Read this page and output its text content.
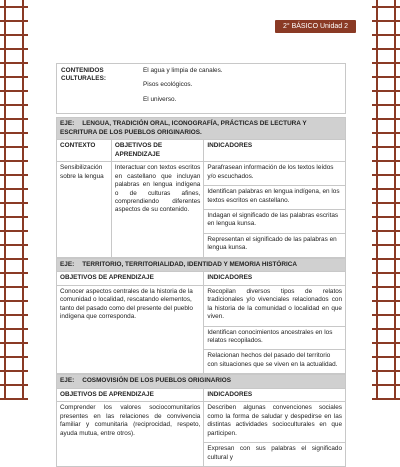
2° BÁSICO Unidad 2
CONTENIDOS CULTURALES:
El agua y limpia de canales.
Pisos ecológicos.
El universo.
EJE: LENGUA, TRADICIÓN ORAL, ICONOGRAFÍA, PRÁCTICAS DE LECTURA Y ESCRITURA DE LOS PUEBLOS ORIGINARIOS.		
CONTEXTO	OBJETIVOS DE APRENDIZAJE	INDICADORES
Sensibilización sobre la lengua	Interactuar con textos escritos en castellano que incluyan palabras en lengua indígena o de culturas afines, comprendiendo diferentes aspectos de su contenido.	Parafrasean información de los textos leídos y/o escuchados.
		Identifican palabras en lengua indígena, en los textos escritos en castellano.
		Indagan el significado de las palabras escritas en lengua kunsa.
		Representan el significado de las palabras en lengua kunsa.
EJE: TERRITORIO, TERRITORIALIDAD, IDENTIDAD Y MEMORIA HISTÓRICA	
OBJETIVOS DE APRENDIZAJE	INDICADORES
Conocer aspectos centrales de la historia de la comunidad o localidad, rescatando elementos, tanto del pasado como del presente del pueblo indígena que corresponda.	Recopilan diversos tipos de relatos tradicionales y/o vivenciales relacionados con la historia de la comunidad o localidad en que viven.
	Identifican conocimientos ancestrales en los relatos recopilados.
	Relacionan hechos del pasado del territorio con situaciones que se viven en la actualidad.
EJE: COSMOVISIÓN DE LOS PUEBLOS ORIGINARIOS	
OBJETIVOS DE APRENDIZAJE	INDICADORES
Comprender los valores sociocomunitarios presentes en las relaciones de convivencia familiar y comunitaria (reciprocidad, respeto, ayuda mutua, entre otros).	Describen algunas convenciones sociales como la forma de saludar y despedirse en las distintas actividades socioculturales en que participen.
	Expresan con sus palabras el significado cultural y
